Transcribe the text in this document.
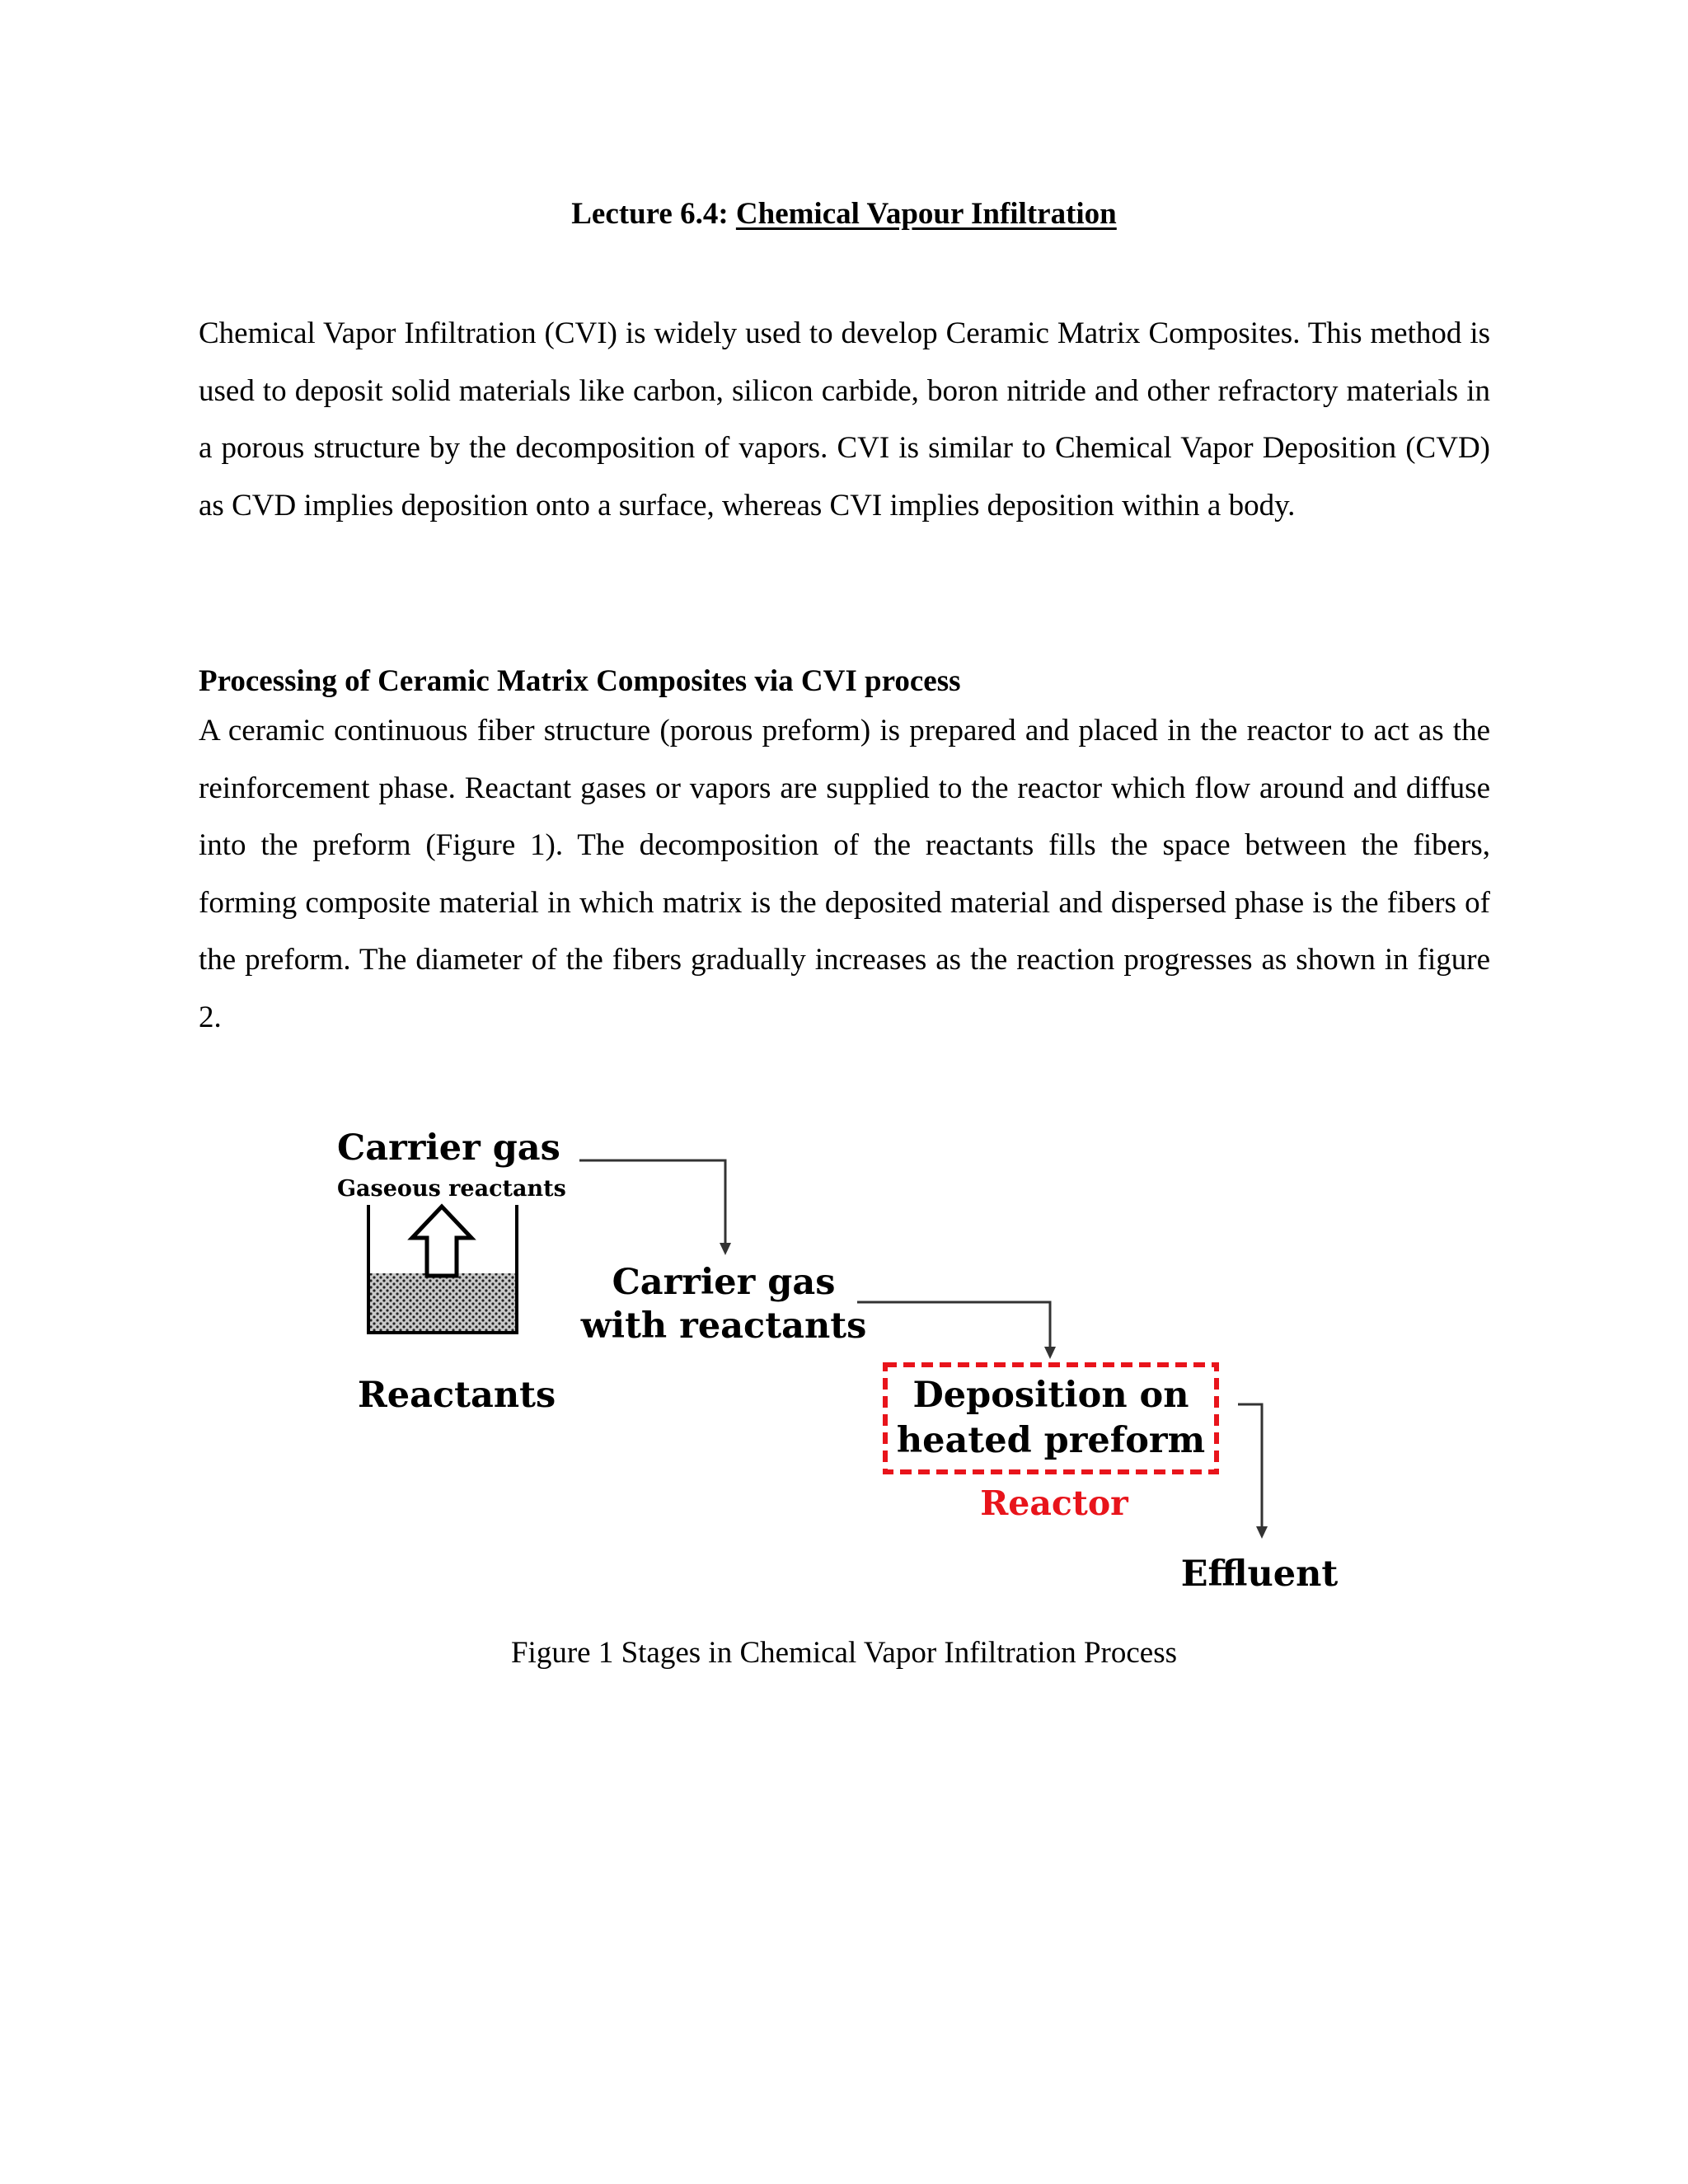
Lecture 6.4: Chemical Vapour Infiltration

Chemical Vapor Infiltration (CVI) is widely used to develop Ceramic Matrix Composites. This method is used to deposit solid materials like carbon, silicon carbide, boron nitride and other refractory materials in a porous structure by the decomposition of vapors. CVI is similar to Chemical Vapor Deposition (CVD) as CVD implies deposition onto a surface, whereas CVI implies deposition within a body.

Processing of Ceramic Matrix Composites via CVI process

A ceramic continuous fiber structure (porous preform) is prepared and placed in the reactor to act as the reinforcement phase. Reactant gases or vapors are supplied to the reactor which flow around and diffuse into the preform (Figure 1). The decomposition of the reactants fills the space between the fibers, forming composite material in which matrix is the deposited material and dispersed phase is the fibers of the preform. The diameter of the fibers gradually increases as the reaction progresses as shown in figure 2.

Carrier gas
Gaseous reactants
Reactants
Carrier gas
with reactants
Deposition on
heated preform
Reactor
Effluent
Figure 1 Stages in Chemical Vapor Infiltration Process
